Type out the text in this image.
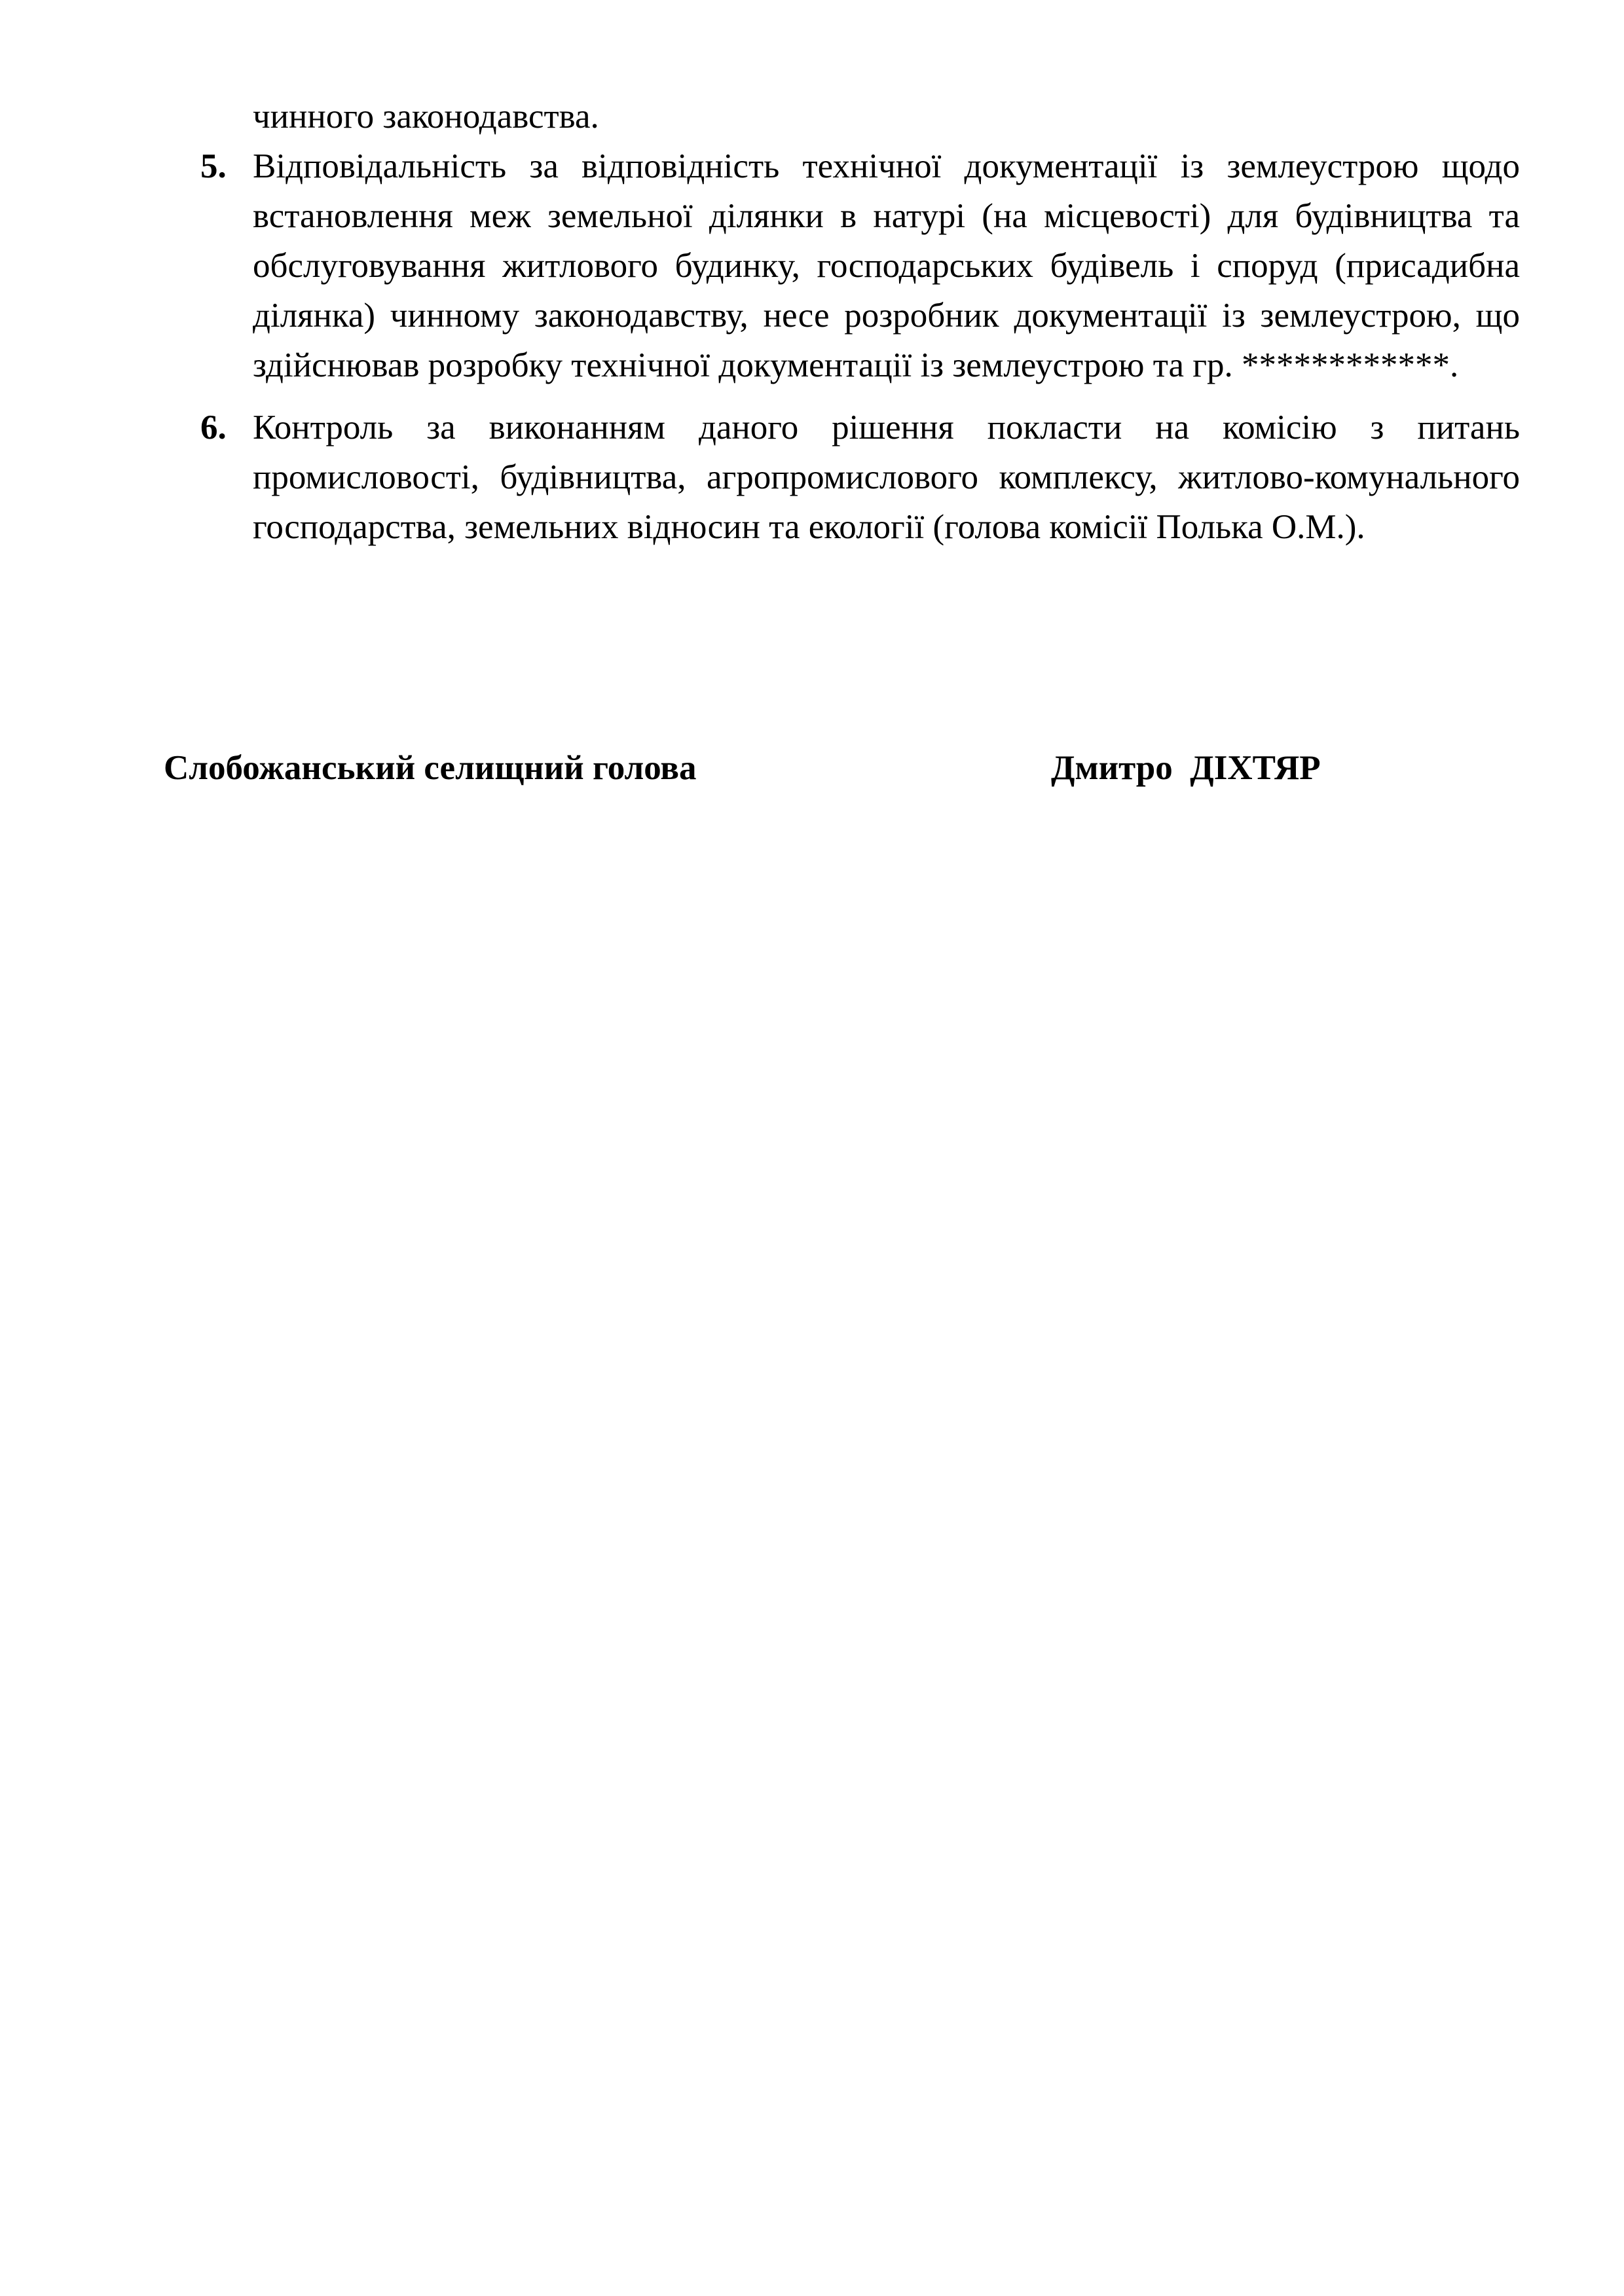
чинного законодавства.

5. Відповідальність за відповідність технічної документації із землеустрою щодо встановлення меж земельної ділянки в натурі (на місцевості) для будівництва та обслуговування житлового будинку, господарських будівель і споруд (присадибна ділянка) чинному законодавству, несе розробник документації із землеустрою, що здійснював розробку технічної документації із землеустрою та гр. ************.
6. Контроль за виконанням даного рішення покласти на комісію з питань промисловості, будівництва, агропромислового комплексу, житлово-комунального господарства, земельних відносин та екології (голова комісії Полька О.М.).
Слобожанський селищний голова	Дмитро  ДІХТЯР
